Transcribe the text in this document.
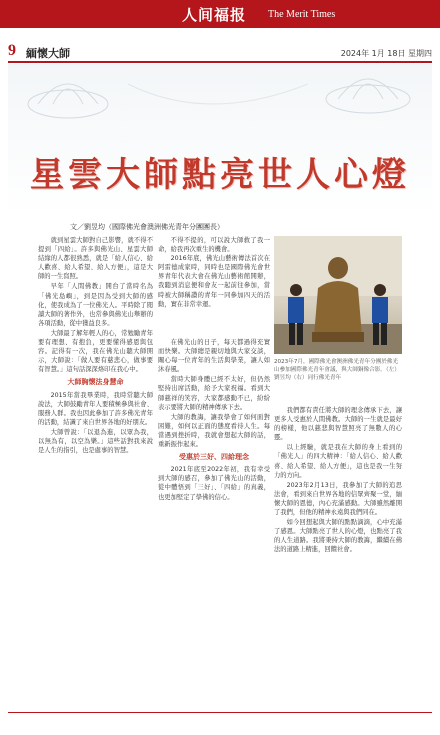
人间福报 The Merit Times
9 緬懷大師	2024年 1月 18日 星期四
星雲大師點亮世人心燈
文／劉昱均（國際佛光會澳洲佛光青年分團團長）

就到星雲大師對自己影響，就不得不提到「四給」。許多與佛光山、星雲大師結緣的人都很熟悉，就是「給人信心、給人歡喜、給人希望、給人方便」，這是大師的一生寫照。

早年「人間佛教」開台了當時名為「佛光島嶼」，到是因為受到大師的感化，使我成為了一位佛光人。平時除了閱讀大師的著作外，也常參與佛光山舉辦的各項活動，從中獲益良多。

大師最了解年輕人的心，常勉勵青年要有理想、有抱負，更要懂得感恩與包容。記得有一次，我在佛光山聽大師開示，大師說：「做人要有慈悲心，做事要有智慧。」這句話深深烙印在我心中。

大師胸懷法身慧命

2015年當我畢業時，我時常聽大師說法，大師鼓勵青年人要積極參與社會、服務人群。我也因此參加了許多佛光青年的活動，結識了來自世界各地的好朋友。

大師曾說：「以退為進，以眾為我，以無為有，以空為樂。」這些話對我來說是人生的指引，也是處事的智慧。

不得不提的，可以說大師救了我一命，給我再次重生的機會。

2016年底，佛光山藝術傳法首次在阿雷德成家時，同時也是國際佛光會世界青年代表大會在佛光山藝術館開辦，我聽到消息便和會友一起前往參加，當時被大師稱讚的青年一同參加四天的活動，實在非常幸運。

在佛光山的日子，每天都過得充實而快樂。大師總是親切地與大家交談，關心每一位青年的生活與學業，讓人如沐春風。

當時大師身體已經不太好，但仍然堅持出席活動，給予大家祝福。看到大師慈祥的笑容，大家都感動不已，紛紛表示要將大師的精神傳承下去。

大師的教誨，讓我學會了如何面對困難，如何以正面的態度看待人生。每當遇到挫折時，我就會想起大師的話，重新振作起來。

受惠於三好、四給理念

2021年底至2022年初，我有幸受到大師的感召，參加了佛光山的活動，從中體悟到「三好」、「四給」的真義，也更加堅定了學佛的信心。

2023年7月，國際佛光會澳洲佛光青年分團於佛光山參加國際佛光青年會議，與大師銅像合影。（左）劉昱均（右）同行佛光青年

我們都有責任將大師的理念傳承下去，讓更多人受惠於人間佛教。大師的一生就是最好的榜樣，他以慈悲與智慧照亮了無數人的心靈。

以上經驗，就是我在大師的身上看到的「佛光人」的四大精神：「給人信心、給人歡喜、給人希望、給人方便」，這也是我一生努力的方向。

2023年2月13日，我參加了大師的追思法會，看到來自世界各地的信眾齊聚一堂，緬懷大師的恩德，內心充滿感動。大師雖然離開了我們，但他的精神永遠與我們同在。

如今回想起與大師的點點滴滴，心中充滿了感恩。大師點亮了世人的心燈，也點亮了我的人生道路。我將秉持大師的教誨，繼續在佛法的道路上精進，回饋社會。
